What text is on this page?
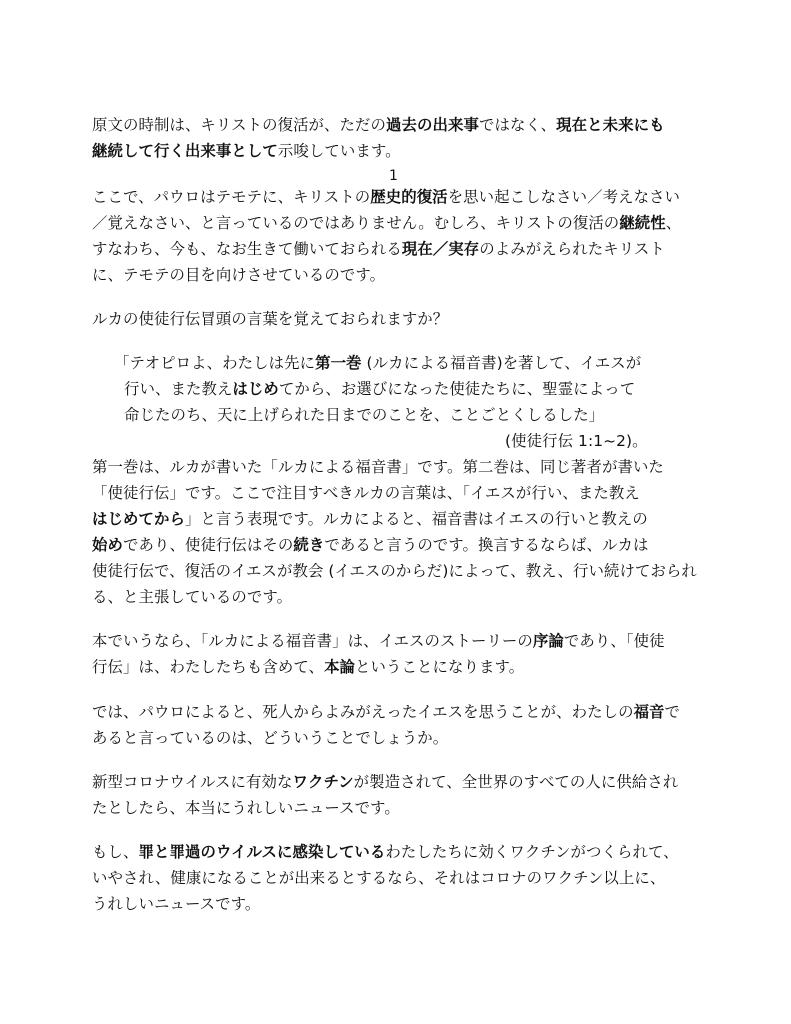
原文の時制は、キリストの復活が、ただの過去の出来事ではなく、現在と未来にも
継続して行く出来事として示唆しています。
1
ここで、パウロはテモテに、キリストの歴史的復活を思い起こしなさい／考えなさい
／覚えなさい、と言っているのではありません。むしろ、キリストの復活の継続性、
すなわち、今も、なお生きて働いておられる現在／実存のよみがえられたキリスト
に、テモテの目を向けさせているのです。
ルカの使徒行伝冒頭の言葉を覚えておられますか？
「テオピロよ、わたしは先に第一巻 (ルカによる福音書)を著して、イエスが
行い、また教えはじめてから、お選びになった使徒たちに、聖霊によって
命じたのち、天に上げられた日までのことを、ことごとくしるした」
(使徒行伝 1:1~2)。
第一巻は、ルカが書いた「ルカによる福音書」です。第二巻は、同じ著者が書いた
「使徒行伝」です。ここで注目すべきルカの言葉は、「イエスが行い、また教え
はじめてから」と言う表現です。ルカによると、福音書はイエスの行いと教えの
始めであり、使徒行伝はその続きであると言うのです。換言するならば、ルカは
使徒行伝で、復活のイエスが教会 (イエスのからだ)によって、教え、行い続けておられ
る、と主張しているのです。
本でいうなら、「ルカによる福音書」は、イエスのストーリーの序論であり、「使徒
行伝」は、わたしたちも含めて、本論ということになります。
では、パウロによると、死人からよみがえったイエスを思うことが、わたしの福音で
あると言っているのは、どういうことでしょうか。
新型コロナウイルスに有効なワクチンが製造されて、全世界のすべての人に供給され
たとしたら、本当にうれしいニュースです。
もし、罪と罪過のウイルスに感染しているわたしたちに効くワクチンがつくられて、
いやされ、健康になることが出来るとするなら、それはコロナのワクチン以上に、
うれしいニュースです。
